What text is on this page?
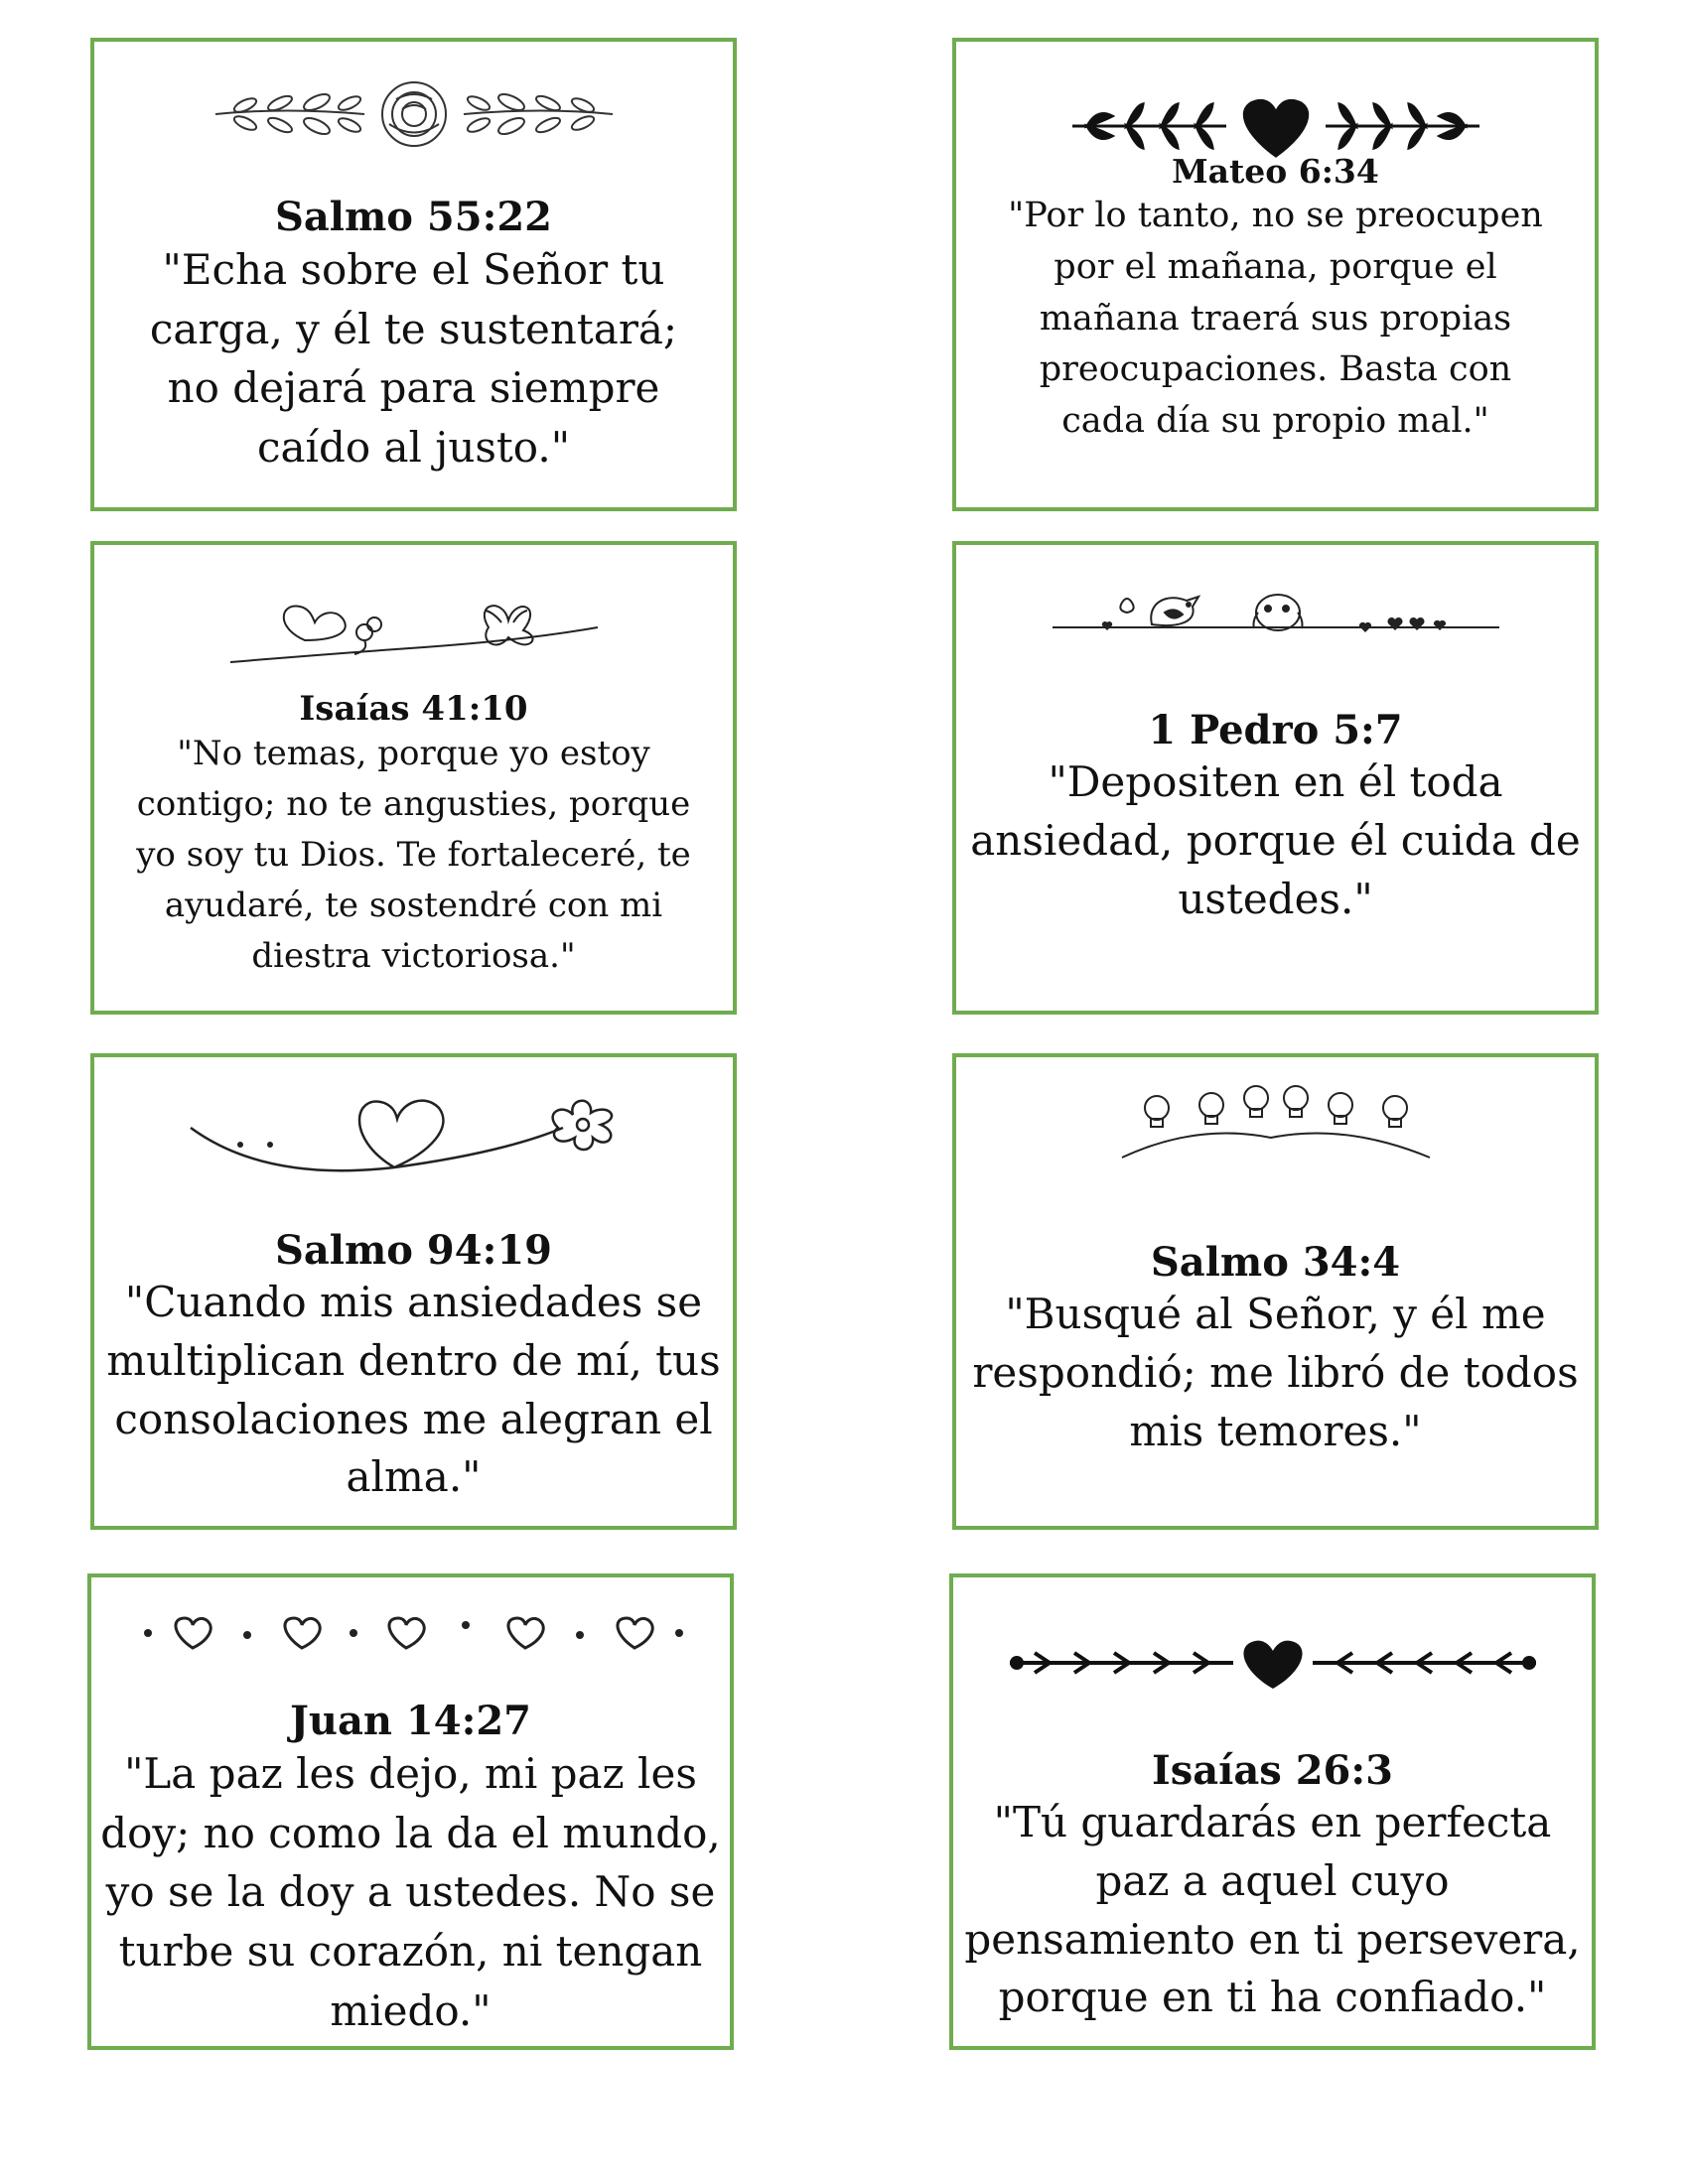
Salmo 55:22
"Echa sobre el Señor tu
carga, y él te sustentará;
no dejará para siempre
caído al justo."
Mateo 6:34
"Por lo tanto, no se preocupen
por el mañana, porque el
mañana traerá sus propias
preocupaciones. Basta con
cada día su propio mal."
Isaías 41:10
"No temas, porque yo estoy
contigo; no te angusties, porque
yo soy tu Dios. Te fortaleceré, te
ayudaré, te sostendré con mi
diestra victoriosa."
1 Pedro 5:7
"Depositen en él toda
ansiedad, porque él cuida de
ustedes."
Salmo 94:19
"Cuando mis ansiedades se
multiplican dentro de mí, tus
consolaciones me alegran el
alma."
Salmo 34:4
"Busqué al Señor, y él me
respondió; me libró de todos
mis temores."
Juan 14:27
"La paz les dejo, mi paz les
doy; no como la da el mundo,
yo se la doy a ustedes. No se
turbe su corazón, ni tengan
miedo."
Isaías 26:3
"Tú guardarás en perfecta
paz a aquel cuyo
pensamiento en ti persevera,
porque en ti ha confiado."
